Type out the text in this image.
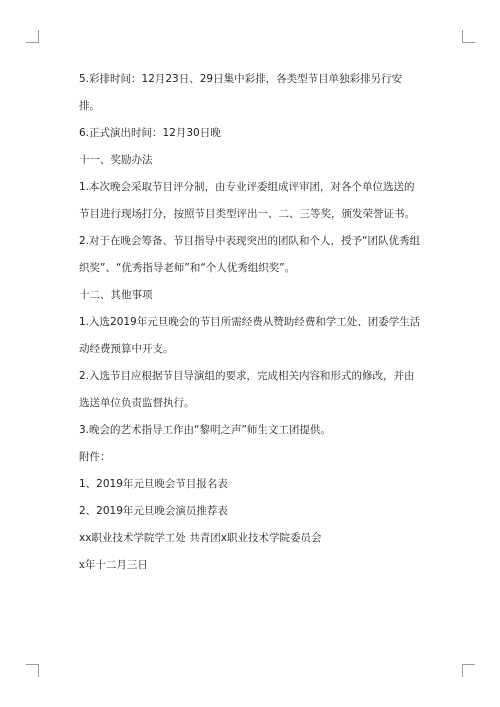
5.彩排时间：12月23日、29日集中彩排，各类型节目单独彩排另行安排。

6.正式演出时间：12月30日晚

十一、奖励办法

1.本次晚会采取节目评分制，由专业评委组成评审团，对各个单位选送的节目进行现场打分，按照节目类型评出一、二、三等奖，颁发荣誉证书。

2.对于在晚会筹备、节目指导中表现突出的团队和个人，授予“团队优秀组织奖”、“优秀指导老师”和“个人优秀组织奖”。

十二、其他事项

1.入选2019年元旦晚会的节目所需经费从赞助经费和学工处、团委学生活动经费预算中开支。

2.入选节目应根据节目导演组的要求，完成相关内容和形式的修改，并由选送单位负责监督执行。

3.晚会的艺术指导工作由“黎明之声”师生文工团提供。

附件：

1、2019年元旦晚会节目报名表

2、2019年元旦晚会演员推荐表

xx职业技术学院学工处 共青团x职业技术学院委员会

x年十二月三日
